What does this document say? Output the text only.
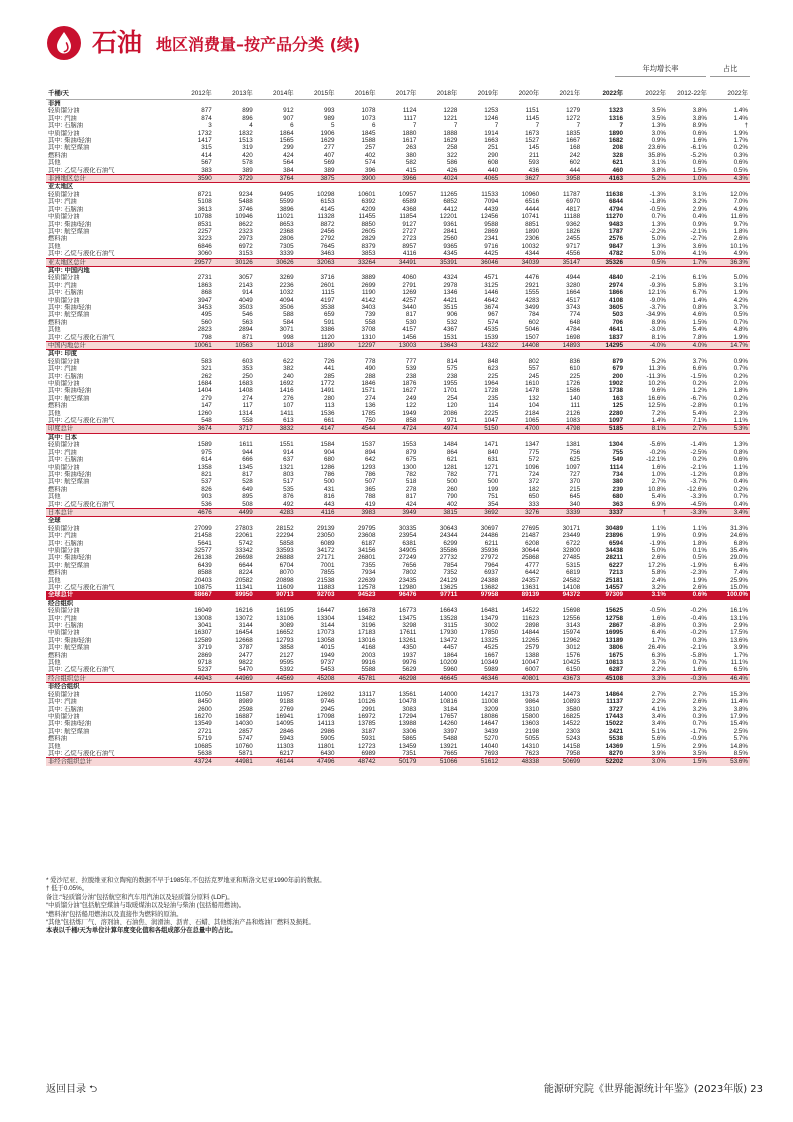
石油 地区消费量–按产品分类 (续)
年均增长率	占比
千桶/天	2012年	2013年	2014年	2015年	2016年	2017年	2018年	2019年	2020年	2021年	2022年		2022年	2012-22年	2022年
非洲															
轻质馏分油	877	899	912	993	1078	1124	1228	1253	1151	1279	1323		3.5%	3.8%	1.4%
其中: 汽油	874	896	907	989	1073	1117	1221	1246	1145	1272	1316		3.5%	3.8%	1.4%
其中: 石脑油	3	4	6	5	6	7	7	7	7	7	7		1.3%	8.9%	†
中质馏分油	1732	1832	1864	1906	1845	1880	1888	1914	1673	1835	1890		3.0%	0.6%	1.9%
其中: 柴油/轻油	1417	1513	1565	1629	1588	1617	1629	1663	1527	1667	1682		0.9%	1.6%	1.7%
其中: 航空煤油	315	319	299	277	257	263	258	251	145	168	208		23.6%	-6.1%	0.2%
燃料油	414	420	424	407	402	380	322	290	211	242	328		35.8%	-5.2%	0.3%
其他	567	578	564	569	574	582	586	608	593	602	621		3.1%	0.6%	0.6%
其中: 乙烷与液化石油气	383	389	384	389	396	415	426	440	436	444	460		3.8%	1.5%	0.5%
非洲地区总计	3590	3729	3764	3875	3900	3966	4024	4065	3627	3958	4163		5.2%	1.0%	4.3%
亚太地区															
轻质馏分油	8721	9234	9495	10298	10601	10957	11265	11533	10960	11787	11638		-1.3%	3.1%	12.0%
其中: 汽油	5108	5488	5599	6153	6392	6589	6852	7094	6516	6970	6844		-1.8%	3.2%	7.0%
其中: 石脑油	3613	3746	3896	4145	4209	4368	4412	4439	4444	4817	4794		-0.5%	2.9%	4.9%
中质馏分油	10788	10946	11021	11328	11455	11854	12201	12456	10741	11188	11270		0.7%	0.4%	11.6%
其中: 柴油/轻油	8531	8622	8653	8872	8850	9127	9361	9588	8851	9362	9483		1.3%	0.9%	9.7%
其中: 航空煤油	2257	2323	2368	2456	2605	2727	2841	2869	1890	1826	1787		-2.2%	-2.1%	1.8%
燃料油	3223	2973	2806	2792	2829	2723	2560	2341	2306	2455	2576		5.0%	-2.7%	2.6%
其他	6846	6972	7305	7645	8379	8957	9365	9716	10032	9717	9847		1.3%	3.6%	10.1%
其中: 乙烷与液化石油气	3060	3153	3339	3463	3853	4116	4345	4425	4344	4556	4782		5.0%	4.1%	4.9%
亚太地区总计	29577	30126	30626	32063	33264	34491	35391	36046	34039	35147	35326		0.5%	1.7%	36.3%
其中: 中国内地															
轻质馏分油	2731	3057	3269	3716	3889	4060	4324	4571	4476	4944	4840		-2.1%	6.1%	5.0%
其中: 汽油	1863	2143	2236	2601	2699	2791	2978	3125	2921	3280	2974		-9.3%	5.8%	3.1%
其中: 石脑油	868	914	1032	1115	1190	1269	1346	1446	1555	1664	1866		12.1%	6.7%	1.9%
中质馏分油	3947	4049	4094	4197	4142	4257	4421	4642	4283	4517	4108		-9.0%	1.4%	4.2%
其中: 柴油/轻油	3453	3503	3506	3538	3403	3440	3515	3674	3499	3743	3605		-3.7%	0.8%	3.7%
其中: 航空煤油	495	546	588	659	739	817	906	967	784	774	503		-34.9%	4.6%	0.5%
燃料油	560	563	584	591	558	530	532	574	602	648	706		8.9%	1.5%	0.7%
其他	2823	2894	3071	3386	3708	4157	4367	4535	5046	4784	4641		-3.0%	5.4%	4.8%
其中: 乙烷与液化石油气	798	871	998	1120	1310	1456	1531	1539	1507	1698	1837		8.1%	7.8%	1.9%
中国内地总计	10061	10563	11018	11890	12297	13003	13643	14322	14408	14893	14295		-4.0%	4.0%	14.7%
其中: 印度															
轻质馏分油	583	603	622	726	778	777	814	848	802	836	879		5.2%	3.7%	0.9%
其中: 汽油	321	353	382	441	490	539	575	623	557	610	679		11.3%	6.6%	0.7%
其中: 石脑油	262	250	240	285	288	238	238	225	245	225	200		-11.3%	-1.5%	0.2%
中质馏分油	1684	1683	1692	1772	1846	1876	1955	1964	1610	1726	1902		10.2%	0.2%	2.0%
其中: 柴油/轻油	1404	1408	1416	1491	1571	1627	1701	1728	1478	1586	1738		9.6%	1.2%	1.8%
其中: 航空煤油	279	274	276	280	274	249	254	235	132	140	163		16.6%	-6.7%	0.2%
燃料油	147	117	107	113	136	122	120	114	104	111	125		12.5%	-2.8%	0.1%
其他	1260	1314	1411	1536	1785	1949	2086	2225	2184	2126	2280		7.2%	5.4%	2.3%
其中: 乙烷与液化石油气	548	558	613	661	750	858	971	1047	1065	1083	1097		1.4%	7.1%	1.1%
印度总计	3674	3717	3832	4147	4544	4724	4974	5150	4700	4798	5185		8.1%	2.7%	5.3%
其中: 日本															
轻质馏分油	1589	1611	1551	1584	1537	1553	1484	1471	1347	1381	1304		-5.6%	-1.4%	1.3%
其中: 汽油	975	944	914	904	894	879	864	840	775	756	755		-0.2%	-2.5%	0.8%
其中: 石脑油	614	666	637	680	642	675	621	631	572	625	549		-12.1%	0.2%	0.6%
中质馏分油	1358	1345	1321	1286	1293	1300	1281	1271	1096	1097	1114		1.6%	-2.1%	1.1%
其中: 柴油/轻油	821	817	803	786	786	782	782	771	724	727	734		1.0%	-1.2%	0.8%
其中: 航空煤油	537	528	517	500	507	518	500	500	372	370	380		2.7%	-3.7%	0.4%
燃料油	826	649	535	431	365	278	260	199	182	215	239		10.8%	-12.6%	0.2%
其他	903	895	876	816	788	817	790	751	650	645	680		5.4%	-3.3%	0.7%
其中: 乙烷与液化石油气	536	508	492	443	419	424	402	354	333	340	363		6.9%	-4.5%	0.4%
日本总计	4676	4499	4283	4116	3983	3949	3815	3692	3276	3339	3337		†	-3.3%	3.4%
全球															
轻质馏分油	27099	27803	28152	29139	29795	30335	30643	30697	27695	30171	30489		1.1%	1.1%	31.3%
其中: 汽油	21458	22061	22294	23050	23608	23954	24344	24486	21487	23449	23896		1.9%	0.9%	24.6%
其中: 石脑油	5641	5742	5858	6089	6187	6381	6299	6211	6208	6722	6594		-1.9%	1.8%	6.8%
中质馏分油	32577	33342	33593	34172	34156	34905	35586	35936	30644	32800	34438		5.0%	0.1%	35.4%
其中: 柴油/轻油	26138	26698	26888	27171	26801	27249	27732	27972	25868	27485	28211		2.6%	0.5%	29.0%
其中: 航空煤油	6439	6644	6704	7001	7355	7656	7854	7964	4777	5315	6227		17.2%	-1.9%	6.4%
燃料油	8588	8224	8070	7855	7934	7802	7352	6937	6442	6819	7213		5.8%	-2.3%	7.4%
其他	20403	20582	20898	21538	22639	23435	24129	24388	24357	24582	25181		2.4%	1.9%	25.9%
其中: 乙烷与液化石油气	10875	11341	11609	11883	12578	12980	13625	13682	13631	14108	14557		3.2%	2.6%	15.0%
全球总计	88667	89950	90713	92703	94523	96476	97711	97958	89139	94372	97309		3.1%	0.6%	100.0%
经合组织															
轻质馏分油	16049	16216	16195	16447	16678	16773	16643	16481	14522	15698	15625		-0.5%	-0.2%	16.1%
其中: 汽油	13008	13072	13106	13304	13482	13475	13528	13479	11623	12556	12758		1.6%	-0.4%	13.1%
其中: 石脑油	3041	3144	3089	3144	3196	3298	3115	3002	2898	3143	2867		-8.8%	0.3%	2.9%
中质馏分油	16307	16454	16652	17073	17183	17611	17930	17850	14844	15974	16995		6.4%	-0.2%	17.5%
其中: 柴油/轻油	12589	12668	12793	13058	13016	13261	13472	13325	12265	12962	13189		1.7%	0.3%	13.6%
其中: 航空煤油	3719	3787	3858	4015	4168	4350	4457	4525	2579	3012	3806		26.4%	-2.1%	3.9%
燃料油	2869	2477	2127	1949	2003	1937	1864	1667	1388	1576	1675		6.3%	-5.8%	1.7%
其他	9718	9822	9595	9737	9916	9976	10209	10349	10047	10425	10813		3.7%	0.7%	11.1%
其中: 乙烷与液化石油气	5237	5470	5392	5453	5588	5629	5960	5989	6007	6150	6287		2.2%	1.6%	6.5%
经合组织总计	44943	44969	44569	45208	45781	46298	46645	46346	40801	43673	45108		3.3%	-0.3%	46.4%
非经合组织															
轻质馏分油	11050	11587	11957	12692	13117	13561	14000	14217	13173	14473	14864		2.7%	2.7%	15.3%
其中: 汽油	8450	8989	9188	9746	10126	10478	10816	11008	9864	10893	11137		2.2%	2.6%	11.4%
其中: 石脑油	2600	2598	2769	2945	2991	3083	3184	3209	3310	3580	3727		4.1%	3.2%	3.8%
中质馏分油	16270	16887	16941	17098	16972	17294	17657	18086	15800	16825	17443		3.4%	0.3%	17.9%
其中: 柴油/轻油	13549	14030	14095	14113	13785	13988	14260	14647	13603	14522	15022		3.4%	0.7%	15.4%
其中: 航空煤油	2721	2857	2846	2986	3187	3306	3397	3439	2198	2303	2421		5.1%	-1.7%	2.5%
燃料油	5719	5747	5943	5905	5931	5865	5488	5270	5055	5243	5538		5.6%	-0.9%	5.7%
其他	10685	10760	11303	11801	12723	13459	13921	14040	14310	14158	14369		1.5%	2.9%	14.8%
其中: 乙烷与液化石油气	5638	5871	6217	6430	6989	7351	7665	7693	7623	7958	8270		3.9%	3.5%	8.5%
非经合组织总计	43724	44981	46144	47496	48742	50179	51066	51612	48338	50699	52202		3.0%	1.5%	53.6%

* 爱沙尼亚、拉脱维亚和立陶宛的数据不早于1985年,不包括克罗地亚和斯洛文尼亚1990年前的数据。

† 低于0.05%。

备注:“轻质馏分油”包括航空和汽车用汽油以及轻质馏分原料 (LDF)。

“中质馏分油”包括航空煤油与取暖煤油以及轻油与柴油 (包括船用燃油)。

“燃料油”包括船用燃油以及直接作为燃料的原油。

“其他”包括炼厂气、溶剂油、石油焦、润滑油、沥青、石蜡、其他炼油产品和炼油厂燃料及损耗。

本表以千桶/天为单位计算年度变化值和各组成部分在总量中的占比。

返回目录 ⮌	能源研究院《世界能源统计年鉴》(2023年版) 23
